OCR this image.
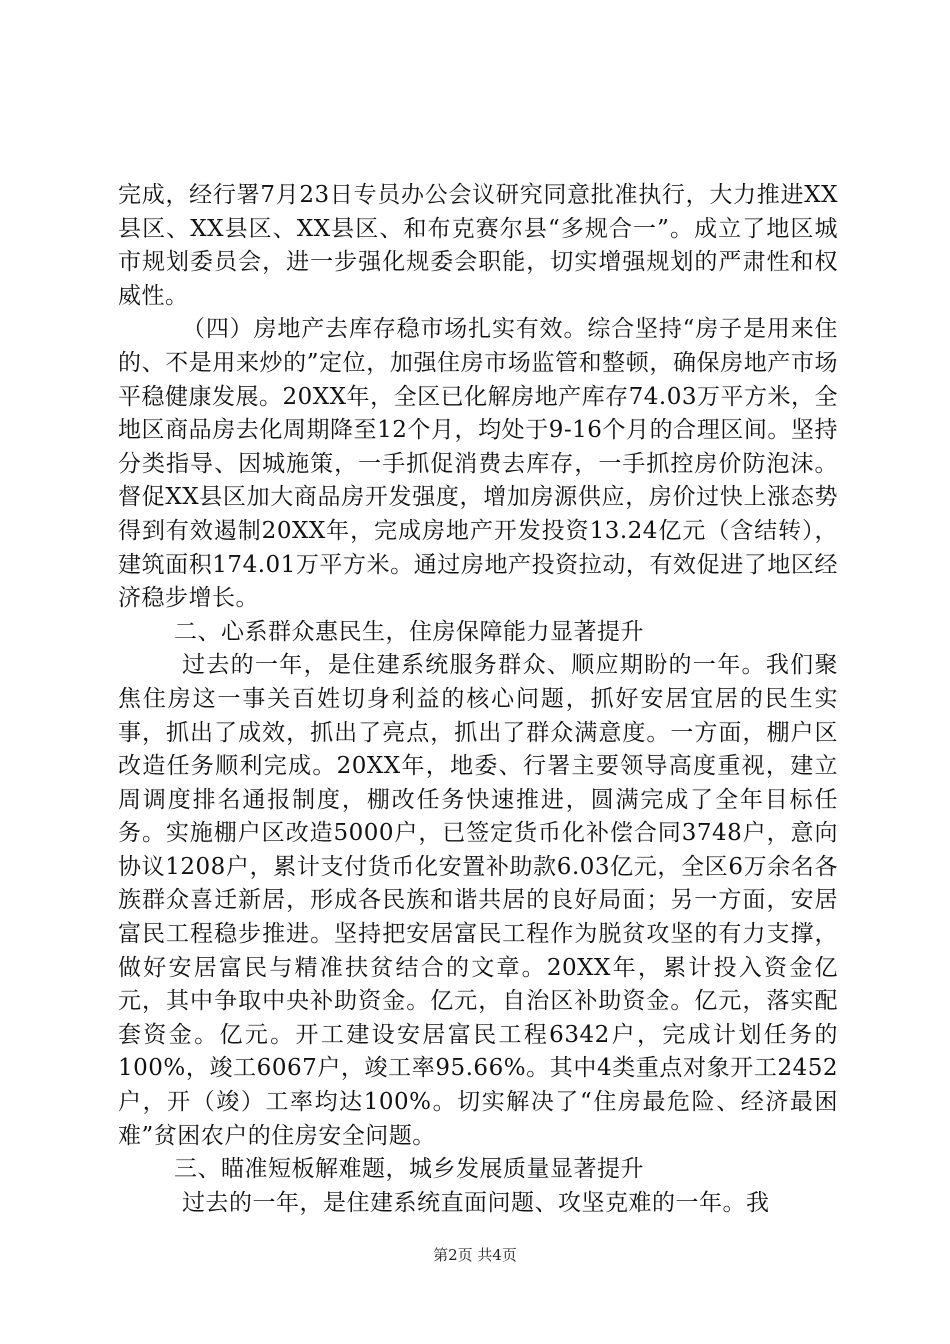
完成，经行署7月23日专员办公会议研究同意批准执行，大力推进XX县区、XX县区、XX县区、和布克赛尔县“多规合一”。成立了地区城市规划委员会，进一步强化规委会职能，切实增强规划的严肃性和权威性。

（四）房地产去库存稳市场扎实有效。综合坚持“房子是用来住的、不是用来炒的”定位，加强住房市场监管和整顿，确保房地产市场平稳健康发展。20XX年，全区已化解房地产库存74.03万平方米，全地区商品房去化周期降至12个月，均处于9-16个月的合理区间。坚持分类指导、因城施策，一手抓促消费去库存，一手抓控房价防泡沫。督促XX县区加大商品房开发强度，增加房源供应，房价过快上涨态势得到有效遏制20XX年，完成房地产开发投资13.24亿元（含结转），建筑面积174.01万平方米。通过房地产投资拉动，有效促进了地区经济稳步增长。

二、心系群众惠民生，住房保障能力显著提升

过去的一年，是住建系统服务群众、顺应期盼的一年。我们聚焦住房这一事关百姓切身利益的核心问题，抓好安居宜居的民生实事，抓出了成效，抓出了亮点，抓出了群众满意度。一方面，棚户区改造任务顺利完成。20XX年，地委、行署主要领导高度重视，建立周调度排名通报制度，棚改任务快速推进，圆满完成了全年目标任务。实施棚户区改造5000户，已签定货币化补偿合同3748户，意向协议1208户，累计支付货币化安置补助款6.03亿元，全区6万余名各族群众喜迁新居，形成各民族和谐共居的良好局面；另一方面，安居富民工程稳步推进。坚持把安居富民工程作为脱贫攻坚的有力支撑，做好安居富民与精准扶贫结合的文章。20XX年，累计投入资金亿元，其中争取中央补助资金。亿元，自治区补助资金。亿元，落实配套资金。亿元。开工建设安居富民工程6342户，完成计划任务的100%，竣工6067户，竣工率95.66%。其中4类重点对象开工2452户，开（竣）工率均达100%。切实解决了“住房最危险、经济最困难”贫困农户的住房安全问题。

三、瞄准短板解难题，城乡发展质量显著提升

过去的一年，是住建系统直面问题、攻坚克难的一年。我

第2页 共4页
